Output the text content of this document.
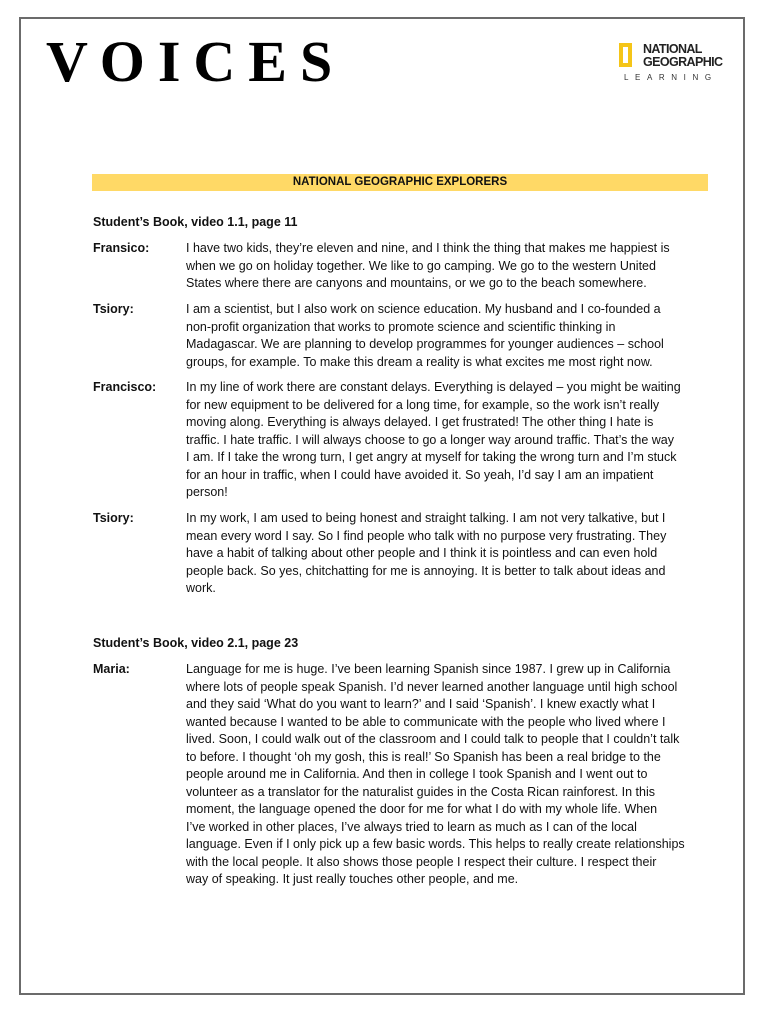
VOICES	NATIONAL
GEOGRAPHIC
LEARNING
NATIONAL GEOGRAPHIC EXPLORERS
Student’s Book, video 1.1, page 11
Fransico:	I have two kids, they’re eleven and nine, and I think the thing that makes me happiest is
when we go on holiday together. We like to go camping. We go to the western United
States where there are canyons and mountains, or we go to the beach somewhere.
Tsiory:	I am a scientist, but I also work on science education. My husband and I co-founded a
non-profit organization that works to promote science and scientific thinking in
Madagascar. We are planning to develop programmes for younger audiences – school
groups, for example. To make this dream a reality is what excites me most right now.
Francisco: In my line of work there are constant delays. Everything is delayed – you might be waiting
for new equipment to be delivered for a long time, for example, so the work isn’t really
moving along. Everything is always delayed. I get frustrated! The other thing I hate is
traffic. I hate traffic. I will always choose to go a longer way around traffic. That’s the way
I am. If I take the wrong turn, I get angry at myself for taking the wrong turn and I’m stuck
for an hour in traffic, when I could have avoided it. So yeah, I’d say I am an impatient
person!
Tsiory:	In my work, I am used to being honest and straight talking. I am not very talkative, but I
mean every word I say. So I find people who talk with no purpose very frustrating. They
have a habit of talking about other people and I think it is pointless and can even hold
people back. So yes, chitchatting for me is annoying. It is better to talk about ideas and
work.
Student’s Book, video 2.1, page 23
Maria:	Language for me is huge. I’ve been learning Spanish since 1987. I grew up in California
where lots of people speak Spanish. I’d never learned another language until high school
and they said ‘What do you want to learn?’ and I said ‘Spanish’. I knew exactly what I
wanted because I wanted to be able to communicate with the people who lived where I
lived. Soon, I could walk out of the classroom and I could talk to people that I couldn’t talk
to before. I thought ‘oh my gosh, this is real!’ So Spanish has been a real bridge to the
people around me in California. And then in college I took Spanish and I went out to
volunteer as a translator for the naturalist guides in the Costa Rican rainforest. In this
moment, the language opened the door for me for what I do with my whole life. When
I’ve worked in other places, I’ve always tried to learn as much as I can of the local
language. Even if I only pick up a few basic words. This helps to really create relationships
with the local people. It also shows those people I respect their culture. I respect their
way of speaking. It just really touches other people, and me.
